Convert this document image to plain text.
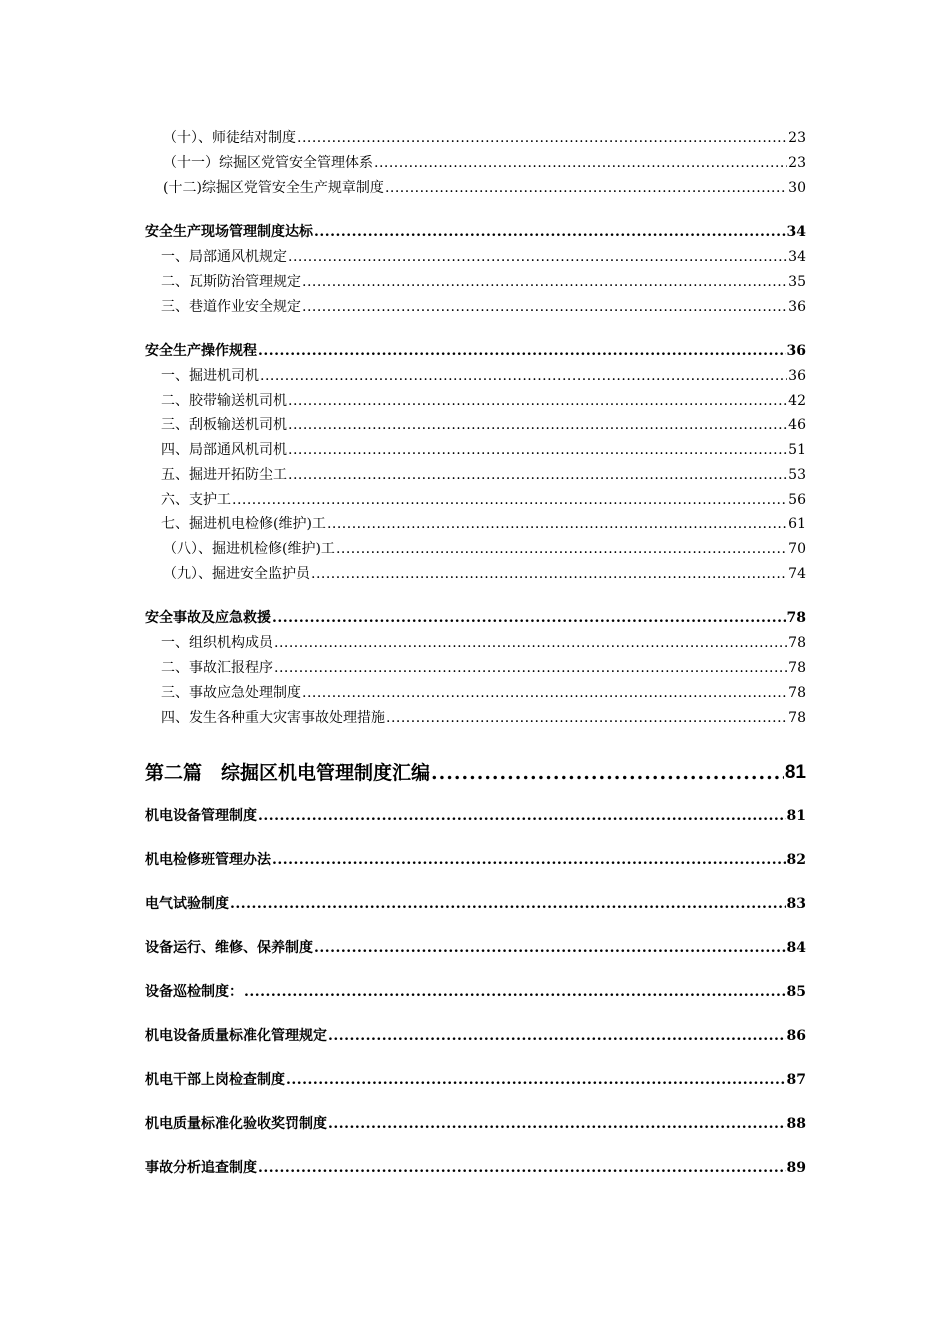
（十）、师徒结对制度 .....	23
（十一）综掘区党管安全管理体系 .....	23
(十二)综掘区党管安全生产规章制度 .....	30
安全生产现场管理制度达标 .....	34
一、局部通风机规定 .....	34
二、瓦斯防治管理规定 .....	35
三、巷道作业安全规定 .....	36
安全生产操作规程 .....	36
一、掘进机司机 .....	36
二、胶带输送机司机 .....	42
三、刮板输送机司机 .....	46
四、局部通风机司机 .....	51
五、掘进开拓防尘工 .....	53
六、支护工 .....	56
七、掘进机电检修(维护)工 .....	61
（八）、掘进机检修(维护)工 .....	70
（九）、掘进安全监护员 .....	74
安全事故及应急救援 .....	78
一、组织机构成员 .....	78
二、事故汇报程序 .....	78
三、事故应急处理制度 .....	78
四、发生各种重大灾害事故处理措施 .....	78
第二篇　综掘区机电管理制度汇编 .....	81
机电设备管理制度 .....	81
机电检修班管理办法 .....	82
电气试验制度 .....	83
设备运行、维修、保养制度 .....	84
设备巡检制度： .....	85
机电设备质量标准化管理规定 .....	86
机电干部上岗检查制度 .....	87
机电质量标准化验收奖罚制度 .....	88
事故分析追查制度 .....	89
